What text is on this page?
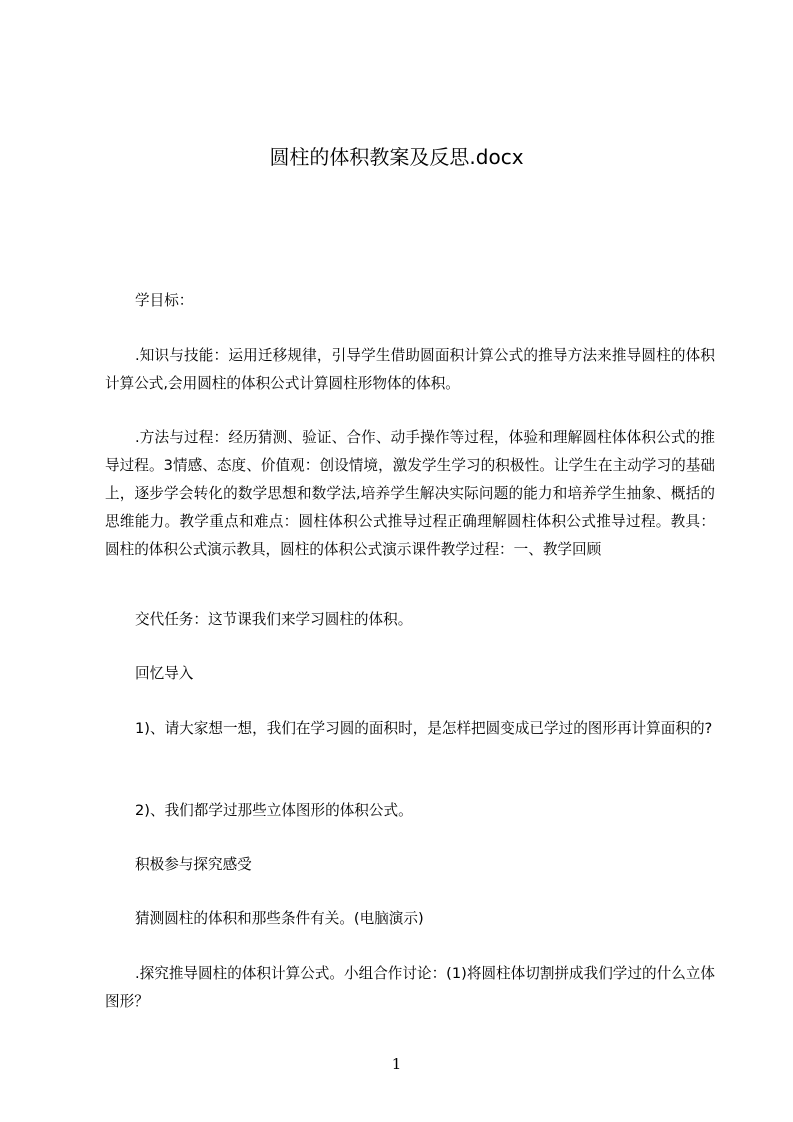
圆柱的体积教案及反思.docx

学目标：

.知识与技能：运用迁移规律，引导学生借助圆面积计算公式的推导方法来推导圆柱的体积计算公式,会用圆柱的体积公式计算圆柱形物体的体积。

.方法与过程：经历猜测、验证、合作、动手操作等过程，体验和理解圆柱体体积公式的推导过程。3情感、态度、价值观：创设情境，激发学生学习的积极性。让学生在主动学习的基础上，逐步学会转化的数学思想和数学法,培养学生解决实际问题的能力和培养学生抽象、概括的思维能力。教学重点和难点：圆柱体积公式推导过程正确理解圆柱体积公式推导过程。教具：圆柱的体积公式演示教具，圆柱的体积公式演示课件教学过程：一、教学回顾

交代任务：这节课我们来学习圆柱的体积。

回忆导入

1)、请大家想一想，我们在学习圆的面积时，是怎样把圆变成已学过的图形再计算面积的?

2)、我们都学过那些立体图形的体积公式。

积极参与探究感受

猜测圆柱的体积和那些条件有关。(电脑演示)

.探究推导圆柱的体积计算公式。小组合作讨论：(1)将圆柱体切割拼成我们学过的什么立体图形？

1
